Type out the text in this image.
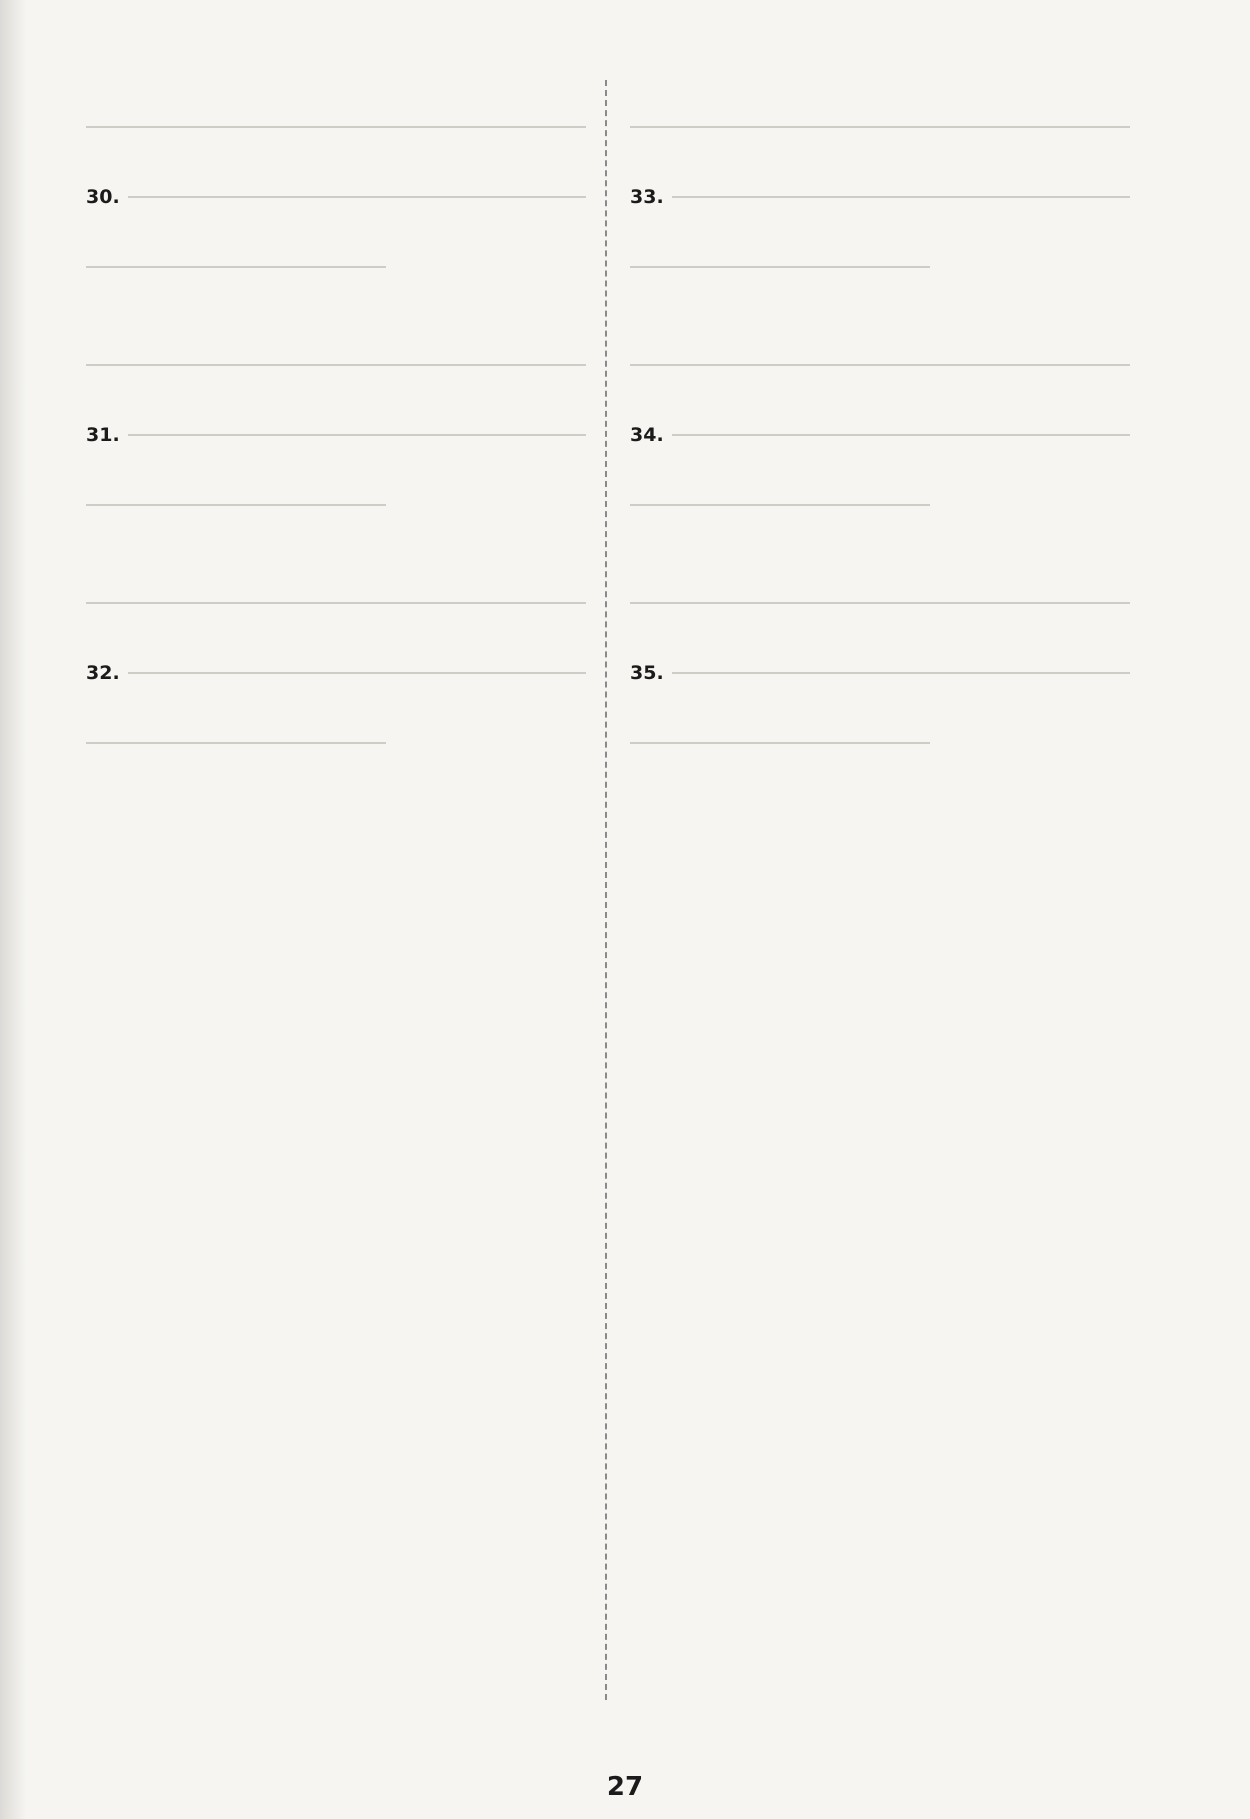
30.
31.
32.
33.
34.
35.
27
